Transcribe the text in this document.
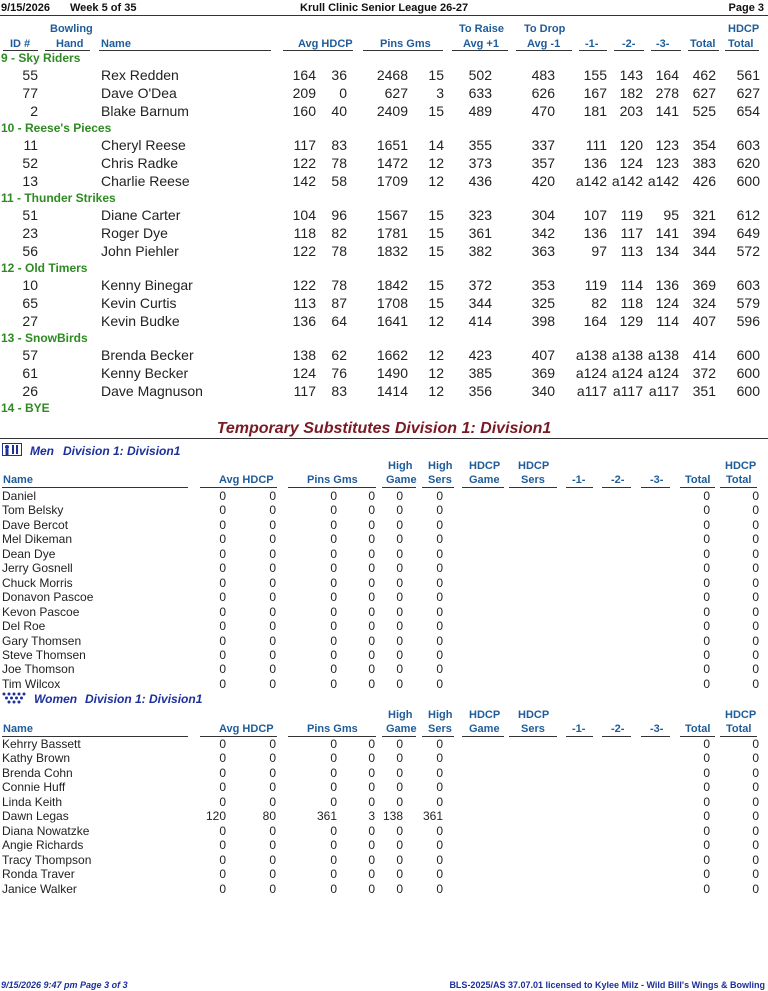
9/15/2026 Week 5 of 35	Krull Clinic Senior League 26-27	Page 3
Bowling
ID # Hand Name	Avg HDCP Pins Gms
To Raise
Avg +1
To Drop
Avg -1 -1- -2- -3- Total
HDCP
Total
9 - Sky Riders
55	Rex Redden	164 36 2468 15 502	483 155 143 164 462 561
77	Dave O'Dea	209 0	627 3 633	626 167 182 278 627 627
2	Blake Barnum	160 40 2409 15 489	470 181 203 141 525 654
10 - Reese's Pieces
11	Cheryl Reese	117 83 1651 14 355	337 111 120 123 354 603
52	Chris Radke	122 78 1472 12 373	357 136 124 123 383 620
13	Charlie Reese	142 58 1709 12 436	420 a142 a142 a142 426 600
11 - Thunder Strikes
51	Diane Carter	104 96 1567 15 323	304 107 119 95 321 612
23	Roger Dye	118 82 1781 15 361	342 136 117 141 394 649
56	John Piehler	122 78 1832 15 382	363	97 113 134 344 572
12 - Old Timers
10	Kenny Binegar	122 78 1842 15 372	353 119 114 136 369 603
65	Kevin Curtis	113 87 1708 15 344	325	82 118 124 324 579
27	Kevin Budke	136 64 1641 12 414	398 164 129 114 407 596
13 - SnowBirds
57	Brenda Becker	138 62 1662 12 423	407 a138 a138 a138 414 600
61	Kenny Becker	124 76 1490 12 385	369 a124 a124 a124 372 600
26	Dave Magnuson	117 83 1414 12 356	340 a117 a117 a117 351 600
14 - BYE
Temporary Substitutes Division 1: Division1
Men Division 1: Division1
High High HDCP HDCP	HDCP
Name	Avg HDCP	Pins Gms	Game Sers Game Sers -1- -2- -3- Total Total
Daniel	0	0	0	0 0	0	0	0
Tom Belsky	0	0	0	0 0	0	0	0
Dave Bercot	0	0	0	0 0	0	0	0
Mel Dikeman	0	0	0	0 0	0	0	0
Dean Dye	0	0	0	0 0	0	0	0
Jerry Gosnell	0	0	0	0 0	0	0	0
Chuck Morris	0	0	0	0 0	0	0	0
Donavon Pascoe	0	0	0	0 0	0	0	0
Kevon Pascoe	0	0	0	0 0	0	0	0
Del Roe	0	0	0	0 0	0	0	0
Gary Thomsen	0	0	0	0 0	0	0	0
Steve Thomsen	0	0	0	0 0	0	0	0
Joe Thomson	0	0	0	0 0	0	0	0
Tim Wilcox	0	0	0	0 0	0	0	0
Women Division 1: Division1
High High HDCP HDCP	HDCP
Name	Avg HDCP	Pins Gms	Game Sers Game Sers -1- -2- -3- Total Total
Kehrry Bassett	0	0	0	0 0	0	0	0
Kathy Brown	0	0	0	0 0	0	0	0
Brenda Cohn	0	0	0	0 0	0	0	0
Connie Huff	0	0	0	0 0	0	0	0
Linda Keith	0	0	0	0 0	0	0	0
Dawn Legas	120	80	361	3 138 361	0	0
Diana Nowatzke	0	0	0	0 0	0	0	0
Angie Richards	0	0	0	0 0	0	0	0
Tracy Thompson	0	0	0	0 0	0	0	0
Ronda Traver	0	0	0	0 0	0	0	0
Janice Walker	0	0	0	0 0	0	0	0
9/15/2026 9:47 pm Page 3 of 3	BLS-2025/AS 37.07.01 licensed to Kylee Milz - Wild Bill's Wings & Bowling
